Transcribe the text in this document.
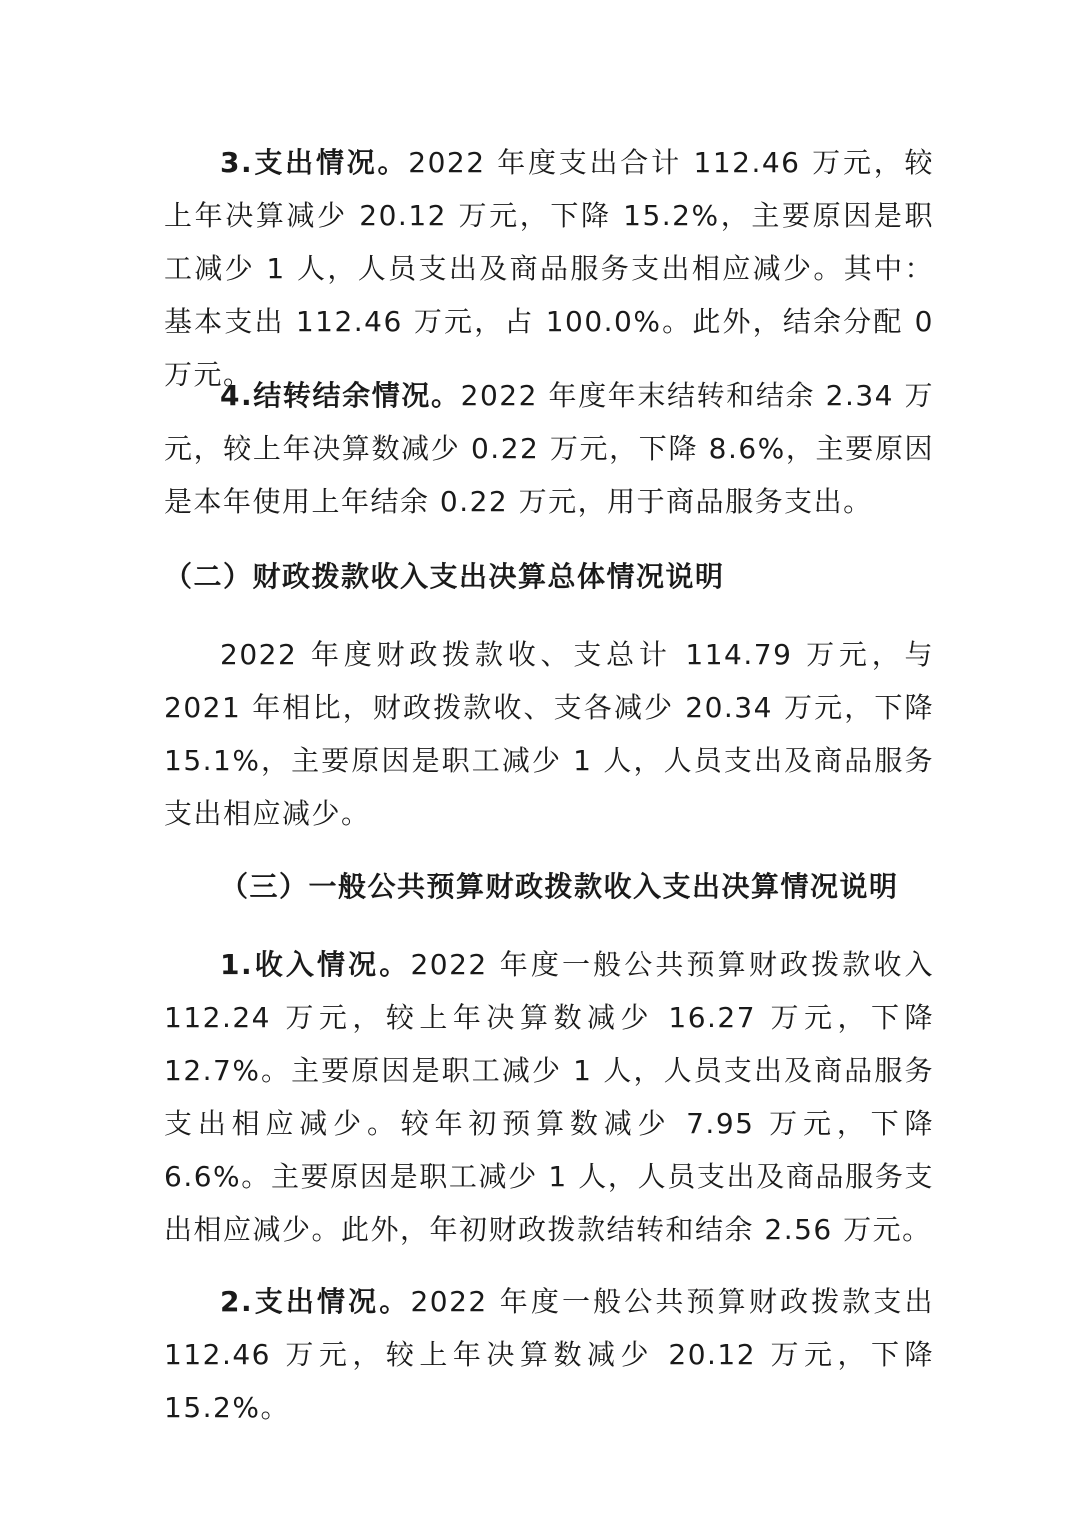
3.支出情况。2022 年度支出合计 112.46 万元，较上年决算减少 20.12 万元，下降 15.2%，主要原因是职工减少 1 人，人员支出及商品服务支出相应减少。其中：基本支出 112.46 万元，占 100.0%。此外，结余分配 0 万元。

4.结转结余情况。2022 年度年末结转和结余 2.34 万元，较上年决算数减少 0.22 万元，下降 8.6%，主要原因是本年使用上年结余 0.22 万元，用于商品服务支出。

（二）财政拨款收入支出决算总体情况说明

2022 年度财政拨款收、支总计 114.79 万元，与 2021 年相比，财政拨款收、支各减少 20.34 万元，下降 15.1%，主要原因是职工减少 1 人，人员支出及商品服务支出相应减少。

（三）一般公共预算财政拨款收入支出决算情况说明

1.收入情况。2022 年度一般公共预算财政拨款收入 112.24 万元，较上年决算数减少 16.27 万元，下降 12.7%。主要原因是职工减少 1 人，人员支出及商品服务支出相应减少。较年初预算数减少 7.95 万元，下降 6.6%。主要原因是职工减少 1 人，人员支出及商品服务支出相应减少。此外，年初财政拨款结转和结余 2.56 万元。

2.支出情况。2022 年度一般公共预算财政拨款支出 112.46 万元，较上年决算数减少 20.12 万元，下降 15.2%。
